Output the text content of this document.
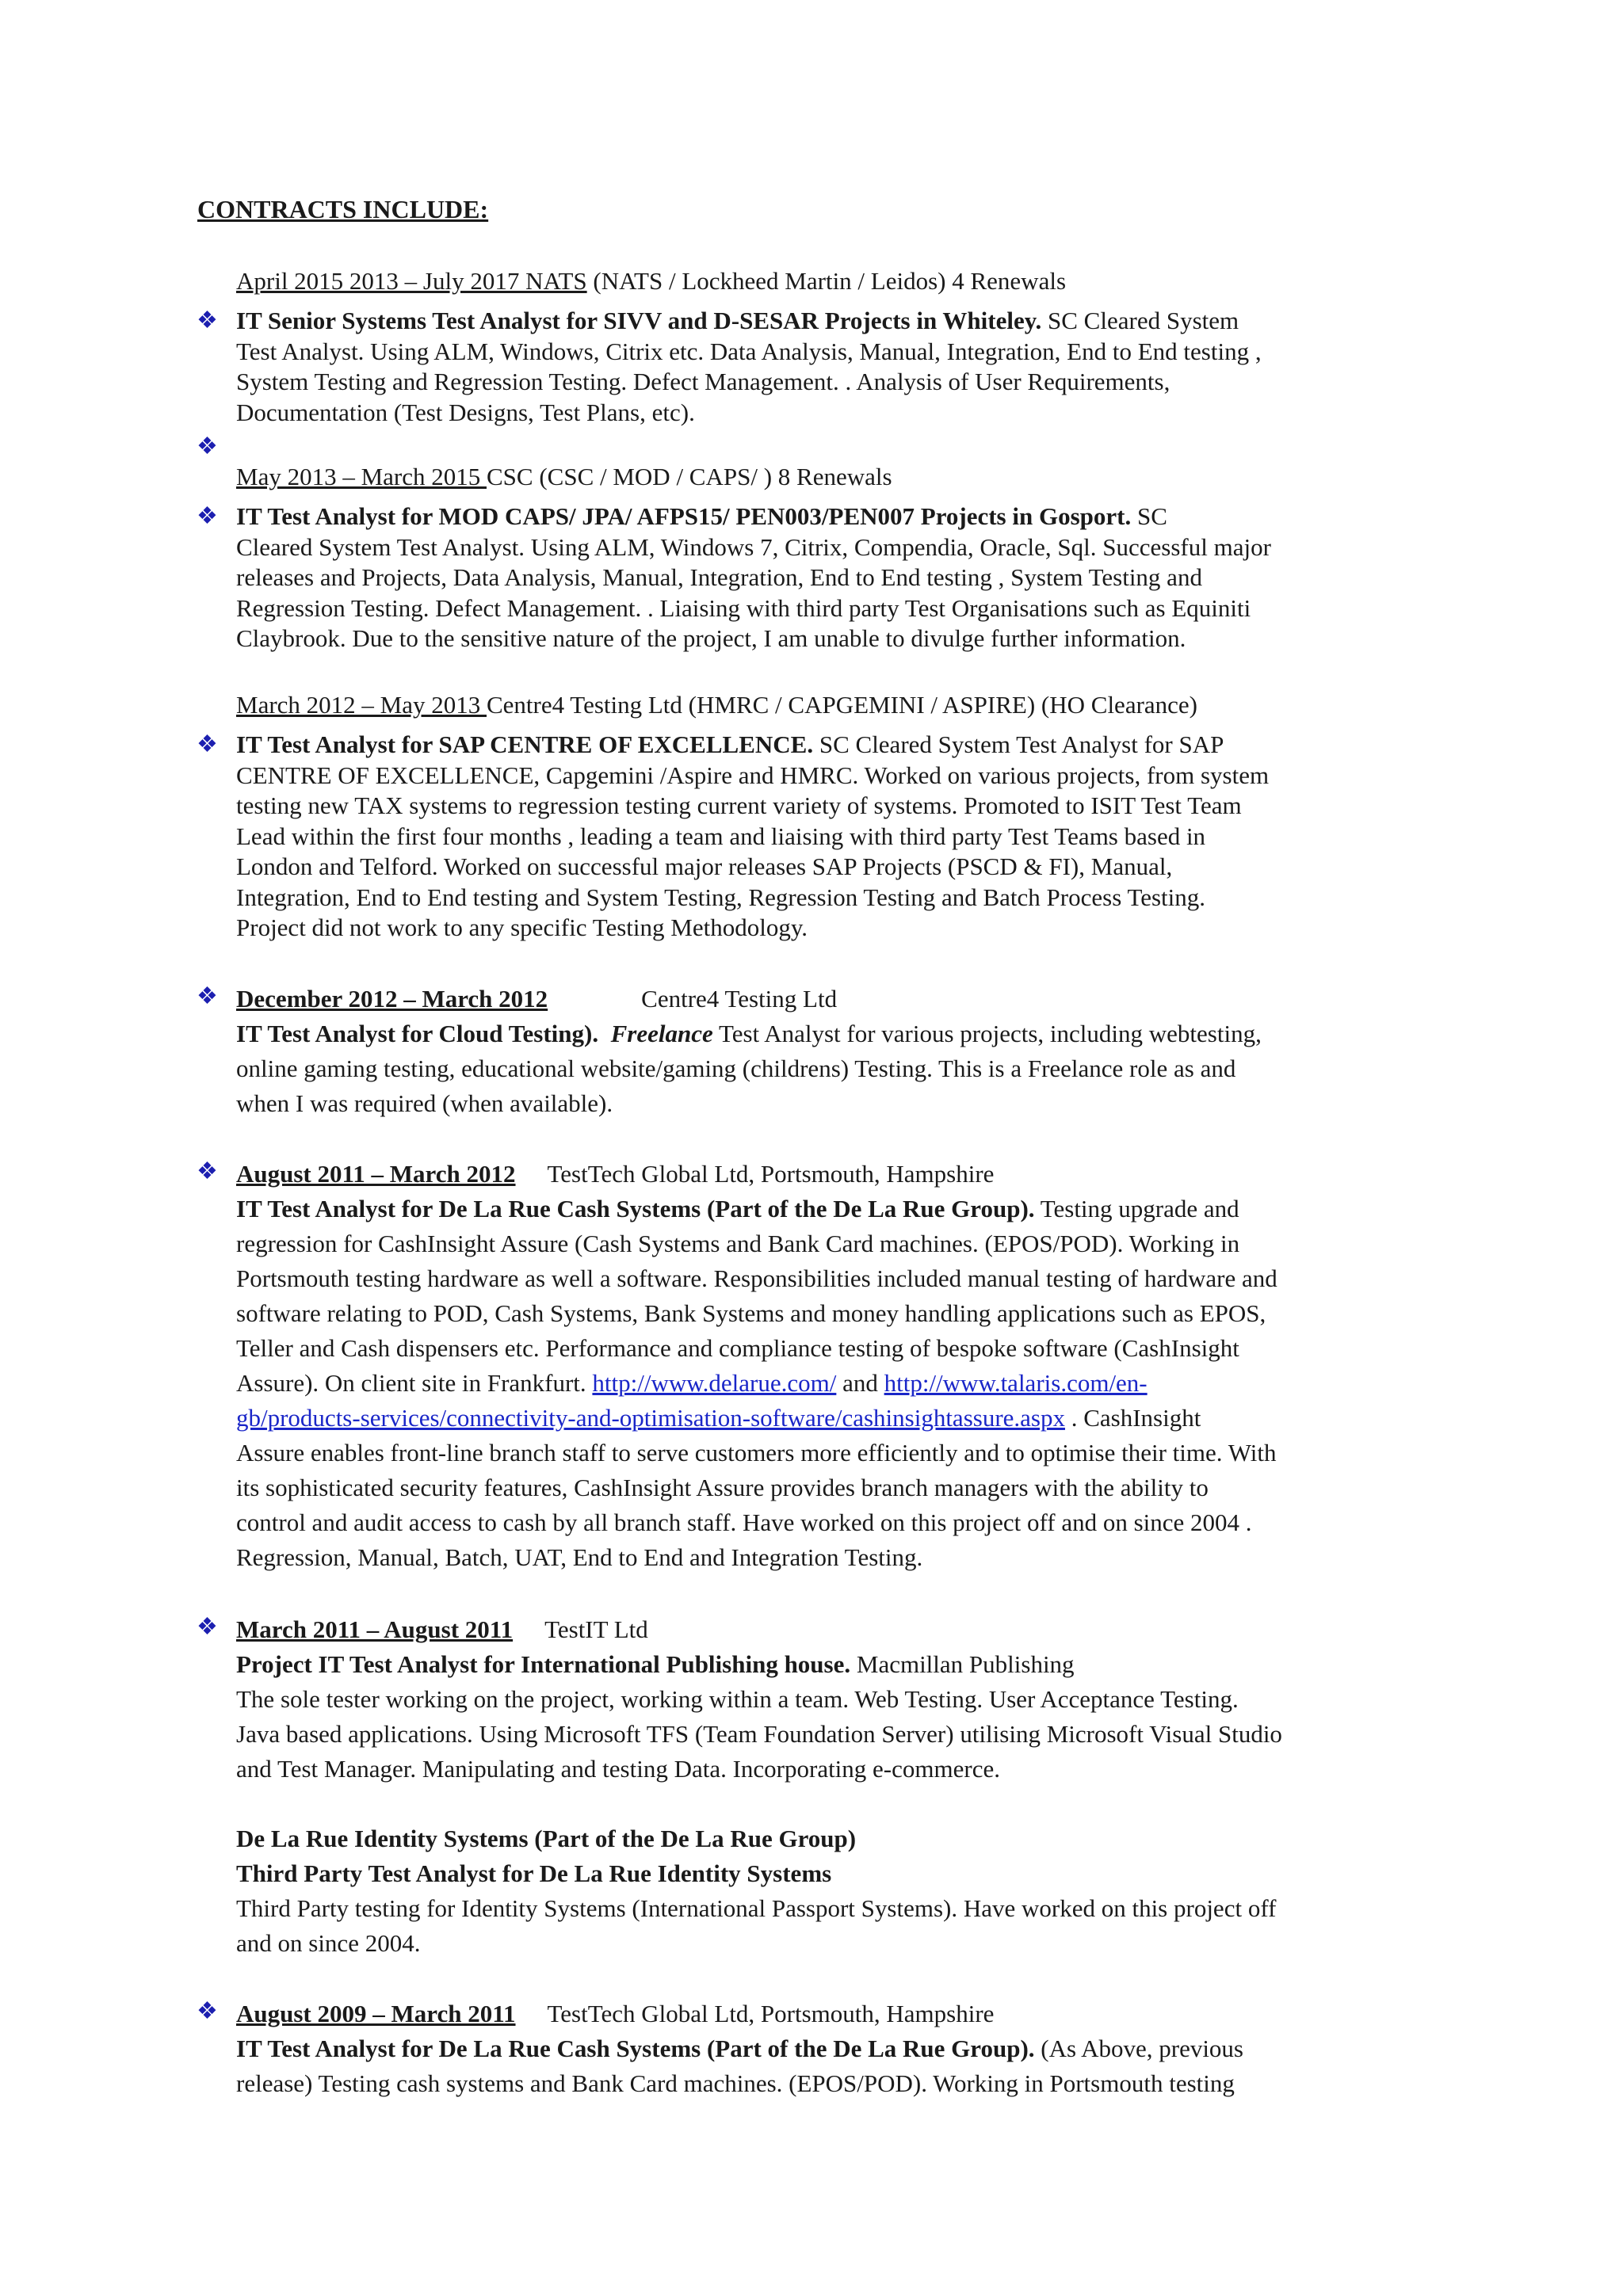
CONTRACTS INCLUDE:
April 2015 2013 – July 2017 NATS (NATS / Lockheed Martin / Leidos) 4 Renewals
❖ IT Senior Systems Test Analyst for SIVV and D-SESAR Projects in Whiteley. SC Cleared System
Test Analyst. Using ALM, Windows, Citrix etc. Data Analysis, Manual, Integration, End to End testing ,
System Testing and Regression Testing. Defect Management. . Analysis of User Requirements,
Documentation (Test Designs, Test Plans, etc).
❖
May 2013 – March 2015 CSC (CSC / MOD / CAPS/ ) 8 Renewals
❖ IT Test Analyst for MOD CAPS/ JPA/ AFPS15/ PEN003/PEN007 Projects in Gosport. SC
Cleared System Test Analyst. Using ALM, Windows 7, Citrix, Compendia, Oracle, Sql. Successful major
releases and Projects, Data Analysis, Manual, Integration, End to End testing , System Testing and
Regression Testing. Defect Management. . Liaising with third party Test Organisations such as Equiniti
Claybrook. Due to the sensitive nature of the project, I am unable to divulge further information.
March 2012 – May 2013 Centre4 Testing Ltd (HMRC / CAPGEMINI / ASPIRE) (HO Clearance)
❖ IT Test Analyst for SAP CENTRE OF EXCELLENCE. SC Cleared System Test Analyst for SAP
CENTRE OF EXCELLENCE, Capgemini /Aspire and HMRC. Worked on various projects, from system
testing new TAX systems to regression testing current variety of systems. Promoted to ISIT Test Team
Lead within the first four months , leading a team and liaising with third party Test Teams based in
London and Telford. Worked on successful major releases SAP Projects (PSCD & FI), Manual,
Integration, End to End testing and System Testing, Regression Testing and Batch Process Testing.
Project did not work to any specific Testing Methodology.
❖ December 2012 – March 2012	Centre4 Testing Ltd
IT Test Analyst for Cloud Testing). Freelance Test Analyst for various projects, including webtesting,
online gaming testing, educational website/gaming (childrens) Testing. This is a Freelance role as and
when I was required (when available).
❖ August 2011 – March 2012 TestTech Global Ltd, Portsmouth, Hampshire
IT Test Analyst for De La Rue Cash Systems (Part of the De La Rue Group). Testing upgrade and
regression for CashInsight Assure (Cash Systems and Bank Card machines. (EPOS/POD). Working in
Portsmouth testing hardware as well a software. Responsibilities included manual testing of hardware and
software relating to POD, Cash Systems, Bank Systems and money handling applications such as EPOS,
Teller and Cash dispensers etc. Performance and compliance testing of bespoke software (CashInsight
Assure). On client site in Frankfurt. http://www.delarue.com/ and http://www.talaris.com/en-
gb/products-services/connectivity-and-optimisation-software/cashinsightassure.aspx . CashInsight
Assure enables front-line branch staff to serve customers more efficiently and to optimise their time. With
its sophisticated security features, CashInsight Assure provides branch managers with the ability to
control and audit access to cash by all branch staff. Have worked on this project off and on since 2004 .
Regression, Manual, Batch, UAT, End to End and Integration Testing.
❖ March 2011 – August 2011 TestIT Ltd
Project IT Test Analyst for International Publishing house. Macmillan Publishing
The sole tester working on the project, working within a team. Web Testing. User Acceptance Testing.
Java based applications. Using Microsoft TFS (Team Foundation Server) utilising Microsoft Visual Studio
and Test Manager. Manipulating and testing Data. Incorporating e-commerce.
De La Rue Identity Systems (Part of the De La Rue Group)
Third Party Test Analyst for De La Rue Identity Systems
Third Party testing for Identity Systems (International Passport Systems). Have worked on this project off
and on since 2004.
❖ August 2009 – March 2011 TestTech Global Ltd, Portsmouth, Hampshire
IT Test Analyst for De La Rue Cash Systems (Part of the De La Rue Group). (As Above, previous
release) Testing cash systems and Bank Card machines. (EPOS/POD). Working in Portsmouth testing
